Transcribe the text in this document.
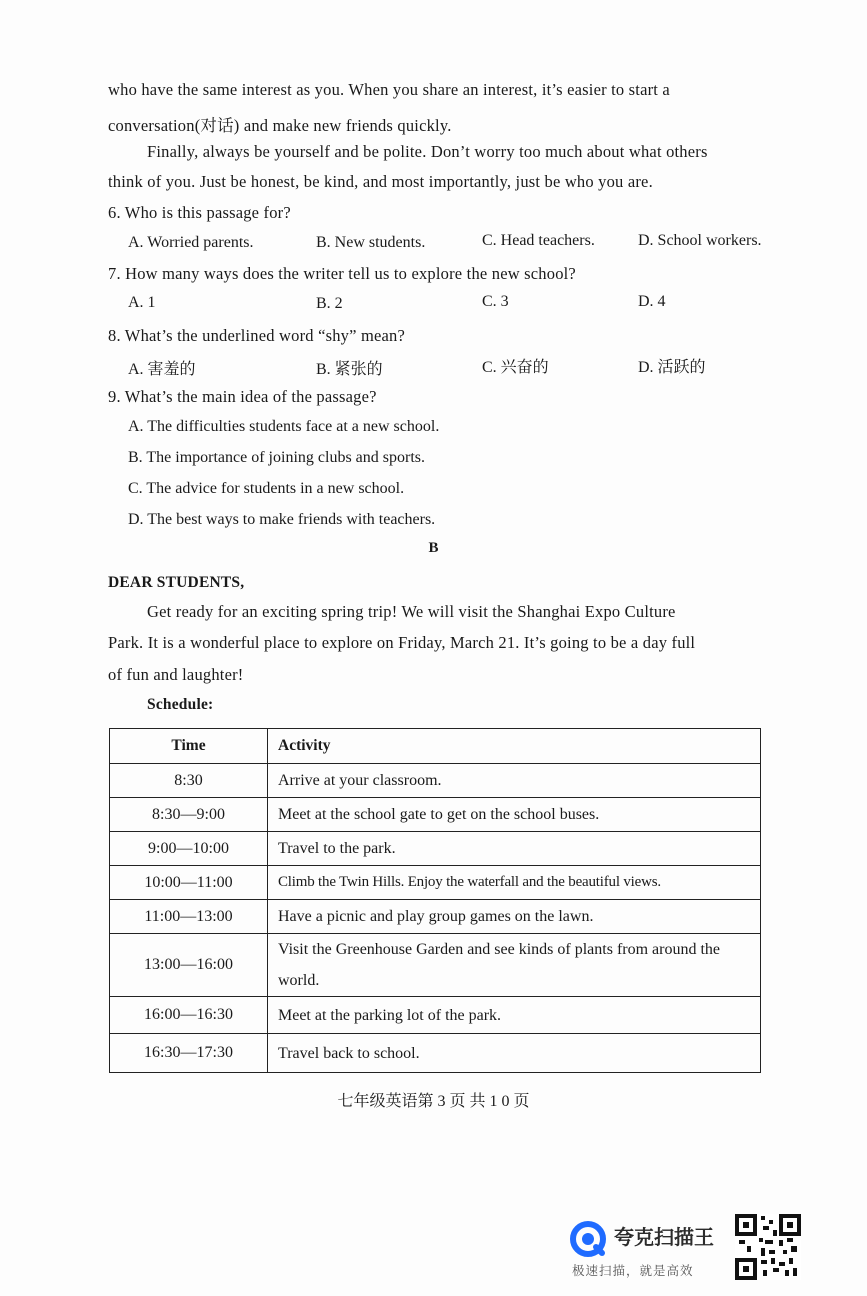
who have the same interest as you. When you share an interest, it’s easier to start a
conversation(对话) and make new friends quickly.
Finally, always be yourself and be polite. Don’t worry too much about what others
think of you. Just be honest, be kind, and most importantly, just be who you are.
6. Who is this passage for?
A. Worried parents.	B. New students.	C. Head teachers.	D. School workers.
7. How many ways does the writer tell us to explore the new school?
A. 1	B. 2	C. 3	D. 4
8. What’s the underlined word “shy” mean?
A. 害羞的	B. 紧张的	C. 兴奋的	D. 活跃的
9. What’s the main idea of the passage?
A. The difficulties students face at a new school.
B. The importance of joining clubs and sports.
C. The advice for students in a new school.
D. The best ways to make friends with teachers.
B
DEAR STUDENTS,
Get ready for an exciting spring trip! We will visit the Shanghai Expo Culture
Park. It is a wonderful place to explore on Friday, March 21. It’s going to be a day full
of fun and laughter!
Schedule:
Time	Activity
8:30	Arrive at your classroom.
8:30—9:00	Meet at the school gate to get on the school buses.
9:00—10:00	Travel to the park.
10:00—11:00	Climb the Twin Hills. Enjoy the waterfall and the beautiful views.
11:00—13:00	Have a picnic and play group games on the lawn.
13:00—16:00	Visit the Greenhouse Garden and see kinds of plants from around the world.
16:00—16:30	Meet at the parking lot of the park.
16:30—17:30	Travel back to school.
七年级英语第 3 页 共 1 0 页
夸克扫描王
极速扫描，就是高效
